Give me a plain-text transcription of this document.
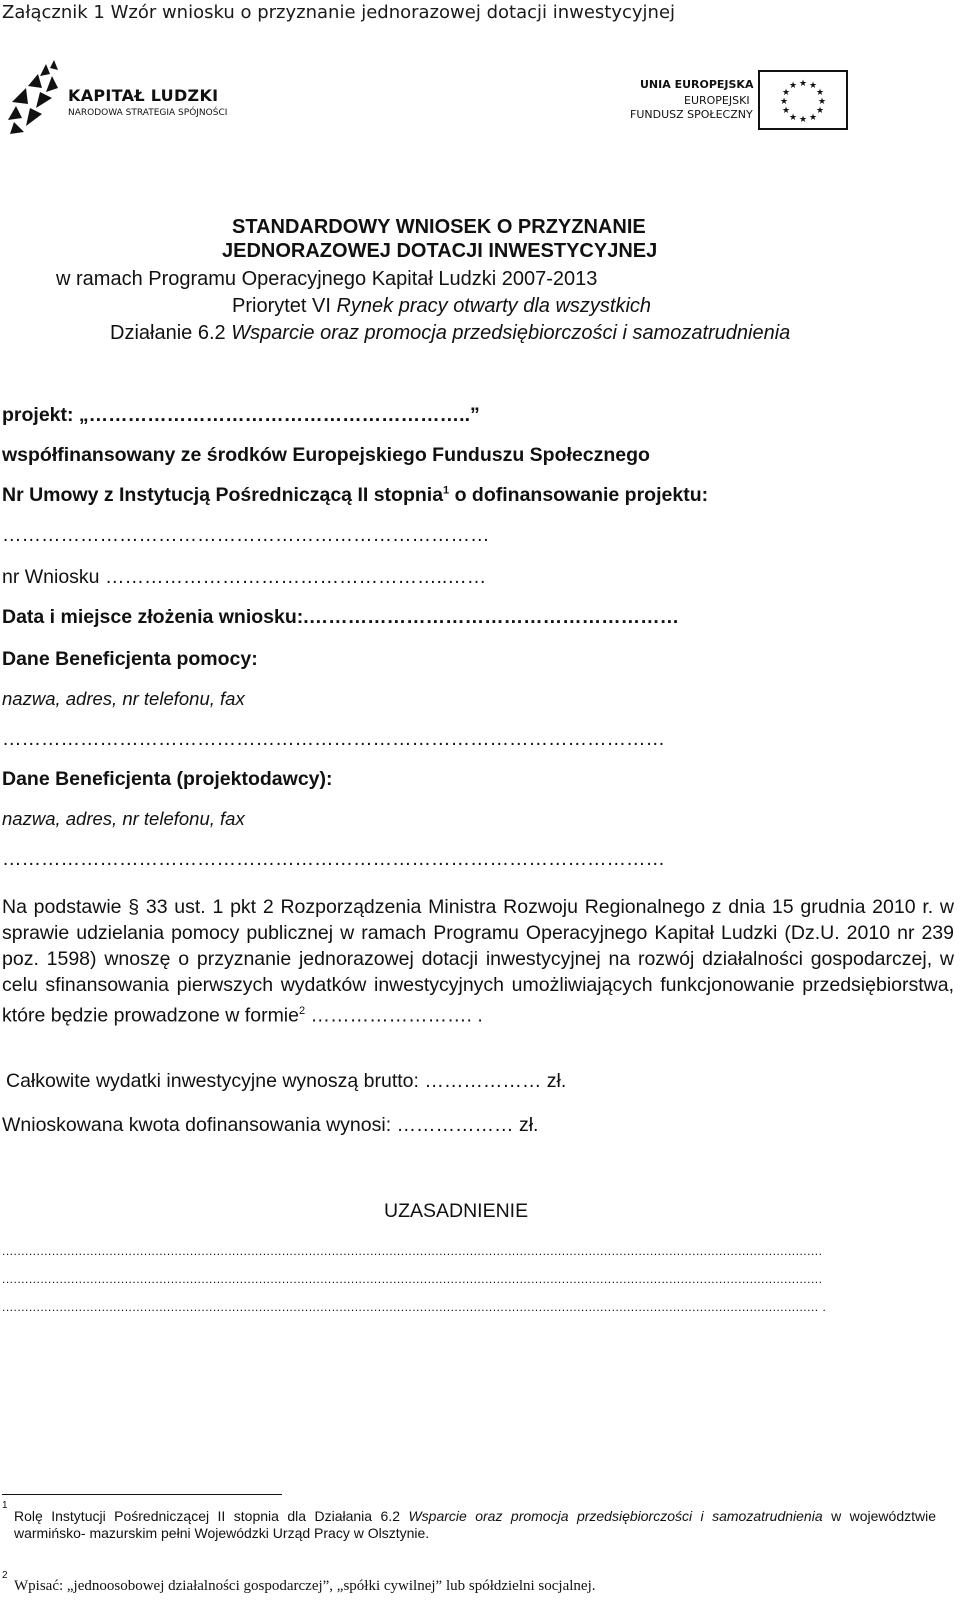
Załącznik 1 Wzór wniosku o przyznanie jednorazowej dotacji inwestycyjnej
KAPITAŁ LUDZKI
NARODOWA STRATEGIA SPÓJNOŚCI
UNIA EUROPEJSKA
EUROPEJSKI
FUNDUSZ SPOŁECZNY
★ ★
★
★
★
★
★
★
★
★
★
★
STANDARDOWY WNIOSEK O PRZYZNANIE
JEDNORAZOWEJ DOTACJI INWESTYCYJNEJ
w ramach Programu Operacyjnego Kapitał Ludzki 2007-2013
Priorytet VI Rynek pracy otwarty dla wszystkich
Działanie 6.2 Wsparcie oraz promocja przedsiębiorczości i samozatrudnienia
projekt: „…………………………………………………..”
współfinansowany ze środków Europejskiego Funduszu Społecznego
Nr Umowy z Instytucją Pośredniczącą II stopnia$^1$ o dofinansowanie projektu:
…………………………………………………………………
nr Wniosku ……………………………………………..……
Data i miejsce złożenia wniosku:.…………………………………………………
Dane Beneficjenta pomocy:
nazwa, adres, nr telefonu, fax
…………………………………………………………………………………………
Dane Beneficjenta (projektodawcy):
nazwa, adres, nr telefonu, fax
…………………………………………………………………………………………
Na podstawie § 33 ust. 1 pkt 2 Rozporządzenia Ministra Rozwoju Regionalnego z dnia 15 grudnia 2010 r. w sprawie udzielania pomocy publicznej w ramach Programu Operacyjnego Kapitał Ludzki (Dz.U. 2010 nr 239 poz. 1598) wnoszę o przyznanie jednorazowej dotacji inwestycyjnej na rozwój działalności gospodarczej, w celu sfinansowania pierwszych wydatków inwestycyjnych umożliwiających funkcjonowanie przedsiębiorstwa, które będzie prowadzone w formie$^2$ ……………………. .
Całkowite wydatki inwestycyjne wynoszą brutto: ……………… zł.
Wnioskowana kwota dofinansowania wynosi: ……………… zł.
UZASADNIENIE
......................................................................................................................................................................................................................
......................................................................................................................................................................................................................
..................................................................................................................................................................................................................... .
1
Rolę Instytucji Pośredniczącej II stopnia dla Działania 6.2 Wsparcie oraz promocja przedsiębiorczości i samozatrudnienia w województwie warmińsko- mazurskim pełni Wojewódzki Urząd Pracy w Olsztynie.
2
Wpisać: „jednoosobowej działalności gospodarczej”, „spółki cywilnej” lub spółdzielni socjalnej.
